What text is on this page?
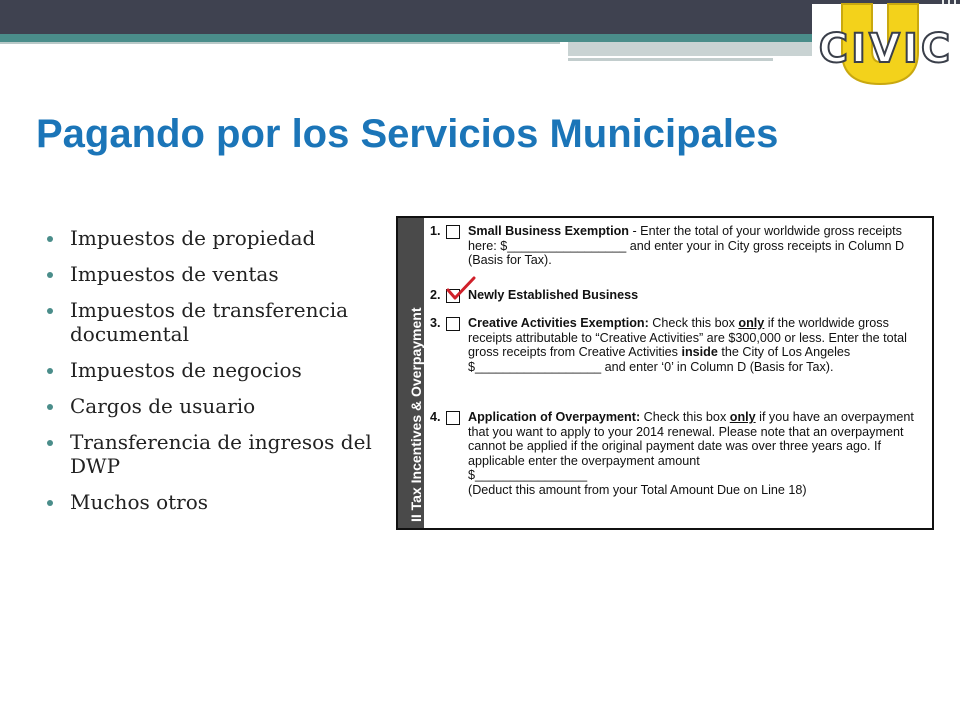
CIVIC
Pagando por los Servicios Municipales
Impuestos de propiedad
Impuestos de ventas
Impuestos de transferencia documental
Impuestos de negocios
Cargos de usuario
Transferencia de ingresos del DWP
Muchos otros	II Tax Incentives & Overpayment
1. Small Business Exemption - Enter the total of your worldwide gross receipts here: $_________________ and enter your in City gross receipts in Column D (Basis for Tax).
2. Newly Established Business
3. Creative Activities Exemption: Check this box only if the worldwide gross receipts attributable to “Creative Activities” are $300,000 or less. Enter the total gross receipts from Creative Activities inside the City of Los Angeles $__________________ and enter ‘0’ in Column D (Basis for Tax).
4. Application of Overpayment: Check this box only if you have an overpayment that you want to apply to your 2014 renewal. Please note that an overpayment cannot be applied if the original payment date was over three years ago. If applicable enter the overpayment amount
$________________
(Deduct this amount from your Total Amount Due on Line 18)
